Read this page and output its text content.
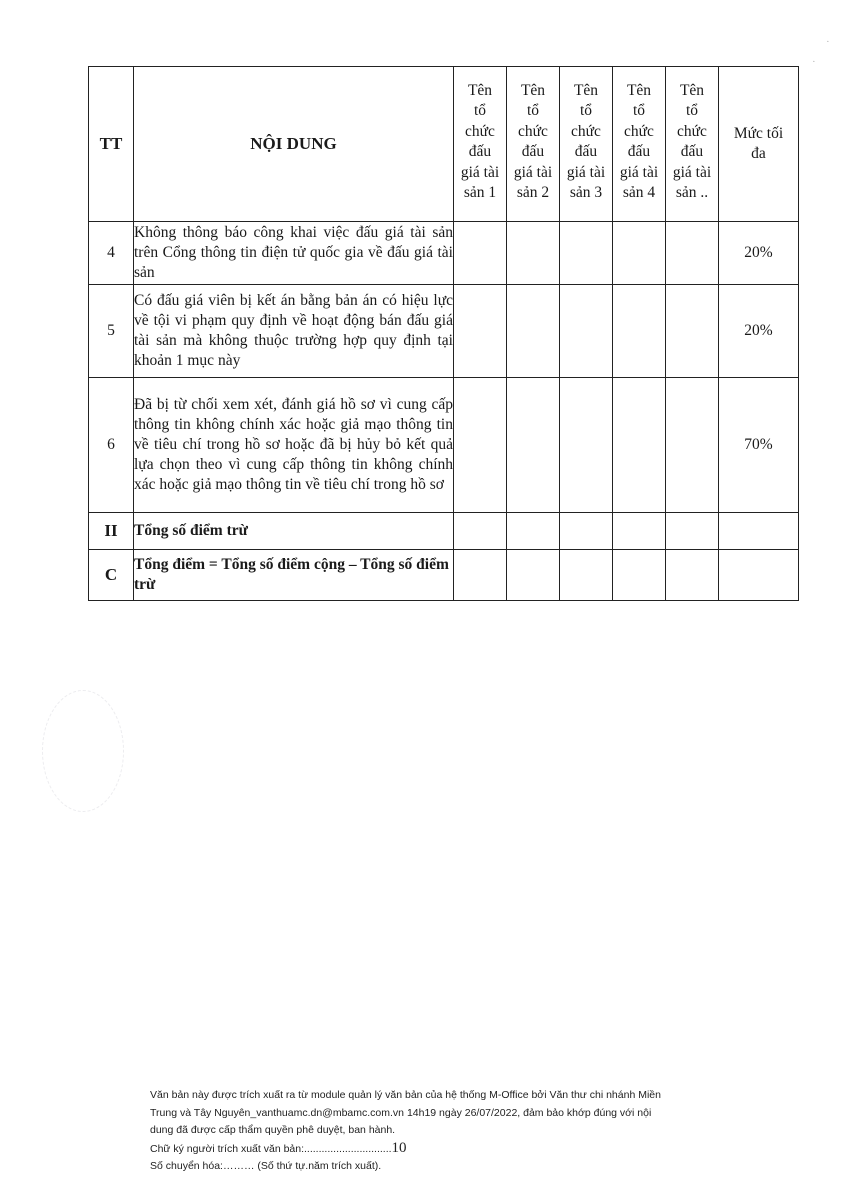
·
·
TT	NỘI DUNG	Tên tổ chức đấu giá tài sản 1	Tên tổ chức đấu giá tài sản 2	Tên tổ chức đấu giá tài sản 3	Tên tổ chức đấu giá tài sản 4	Tên tổ chức đấu giá tài sản ..	Mức tối đa

4	Không thông báo công khai việc đấu giá tài sản trên Cổng thông tin điện tử quốc gia về đấu giá tài sản						20%
5	Có đấu giá viên bị kết án bằng bản án có hiệu lực về tội vi phạm quy định về hoạt động bán đấu giá tài sản mà không thuộc trường hợp quy định tại khoản 1 mục này						20%
6	Đã bị từ chối xem xét, đánh giá hồ sơ vì cung cấp thông tin không chính xác hoặc giả mạo thông tin về tiêu chí trong hồ sơ hoặc đã bị hủy bỏ kết quả lựa chọn theo vì cung cấp thông tin không chính xác hoặc giả mạo thông tin về tiêu chí trong hồ sơ						70%
II	Tổng số điểm trừ						
C	Tổng điểm = Tổng số điểm cộng – Tổng số điểm trừ						

Văn bản này được trích xuất ra từ module quản lý văn bản của hệ thống M-Office bởi Văn thư chi nhánh Miền

Trung và Tây Nguyên_vanthuamc.dn@mbamc.com.vn 14h19 ngày 26/07/2022, đảm bảo khớp đúng với nội

dung đã được cấp thẩm quyền phê duyệt, ban hành.

Chữ ký người trích xuất văn bản:..............................10

Số chuyển hóa:……… (Số thứ tự.năm trích xuất).
